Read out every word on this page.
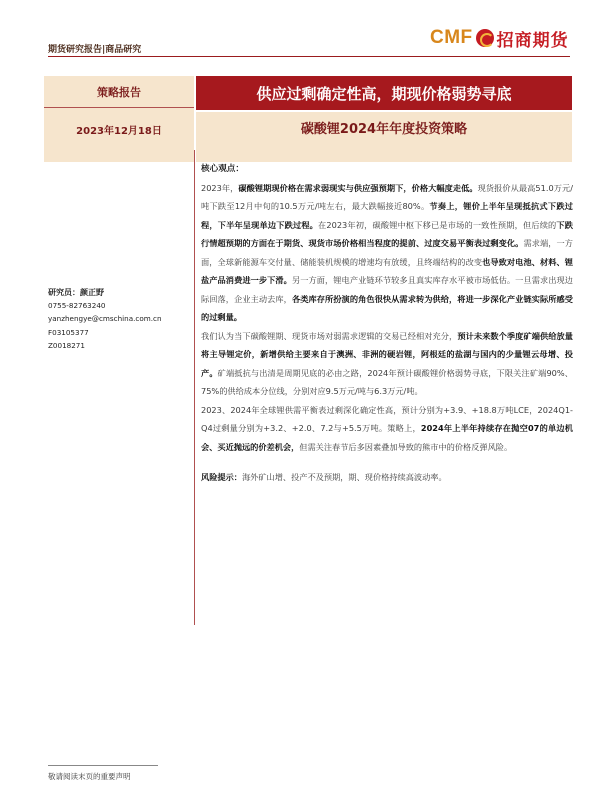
期货研究报告|商品研究
CMF 招商期货
策略报告
2023年12月18日
供应过剩确定性高，期现价格弱势寻底
碳酸锂2024年年度投资策略
研究员：颜正野
0755-82763240
yanzhengye@cmschina.com.cn
F03105377
Z0018271
核心观点：

2023年，碳酸锂期现价格在需求弱现实与供应强预期下，价格大幅度走低。现货报价从最高51.0万元/吨下跌至12月中旬的10.5万元/吨左右，最大跌幅接近80%。节奏上，锂价上半年呈现抵抗式下跌过程，下半年呈现单边下跌过程。在2023年初，碳酸锂中枢下移已是市场的一致性预期，但后续的下跌行情超预期的方面在于期货、现货市场价格相当程度的提前、过度交易平衡表过剩变化。需求端，一方面，全球新能源车交付量、储能装机规模的增速均有放缓，且终端结构的改变也导致对电池、材料、锂盐产品消费进一步下滑。另一方面，锂电产业链环节较多且真实库存水平被市场低估。一旦需求出现边际回落，企业主动去库，各类库存所扮演的角色很快从需求转为供给，将进一步深化产业链实际所感受的过剩量。

我们认为当下碳酸锂期、现货市场对弱需求逻辑的交易已经相对充分，预计未来数个季度矿端供给放量将主导锂定价，新增供给主要来自于澳洲、非洲的硬岩锂，阿根廷的盐湖与国内的少量锂云母增、投产。矿端抵抗与出清是周期见底的必由之路，2024年预计碳酸锂价格弱势寻底，下限关注矿端90%、75%的供给成本分位线，分别对应9.5万元/吨与6.3万元/吨。

2023、2024年全球锂供需平衡表过剩深化确定性高，预计分别为+3.9、+18.8万吨LCE，2024Q1-Q4过剩量分别为+3.2、+2.0、7.2与+5.5万吨。策略上，2024年上半年持续存在抛空07的单边机会、买近抛远的价差机会，但需关注春节后多因素叠加导致的熊市中的价格反弹风险。

风险提示：海外矿山增、投产不及预期，期、现价格持续高波动率。

敬请阅读末页的重要声明
